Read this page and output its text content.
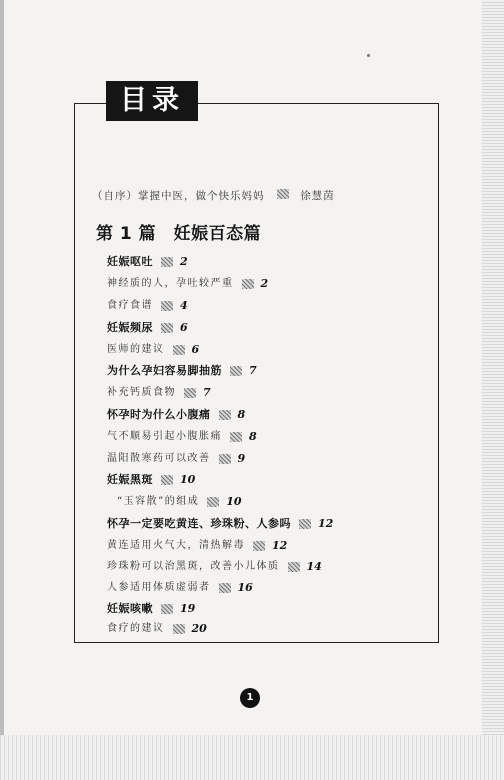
目录
（自序）掌握中医，做个快乐妈妈	徐慧茵
第 1 篇　妊娠百态篇
妊娠呕吐 2
神经质的人，孕吐较严重 2
食疗食谱 4
妊娠频尿 6
医师的建议 6
为什么孕妇容易脚抽筋 7
补充钙质食物 7
怀孕时为什么小腹痛 8
气不顺易引起小腹胀痛 8
温阳散寒药可以改善 9
妊娠黑斑 10
“玉容散”的组成 10
怀孕一定要吃黄连、珍珠粉、人参吗 12
黄连适用火气大，清热解毒 12
珍珠粉可以治黑斑，改善小儿体质 14
人参适用体质虚弱者 16
妊娠咳嗽 19
食疗的建议 20
1
